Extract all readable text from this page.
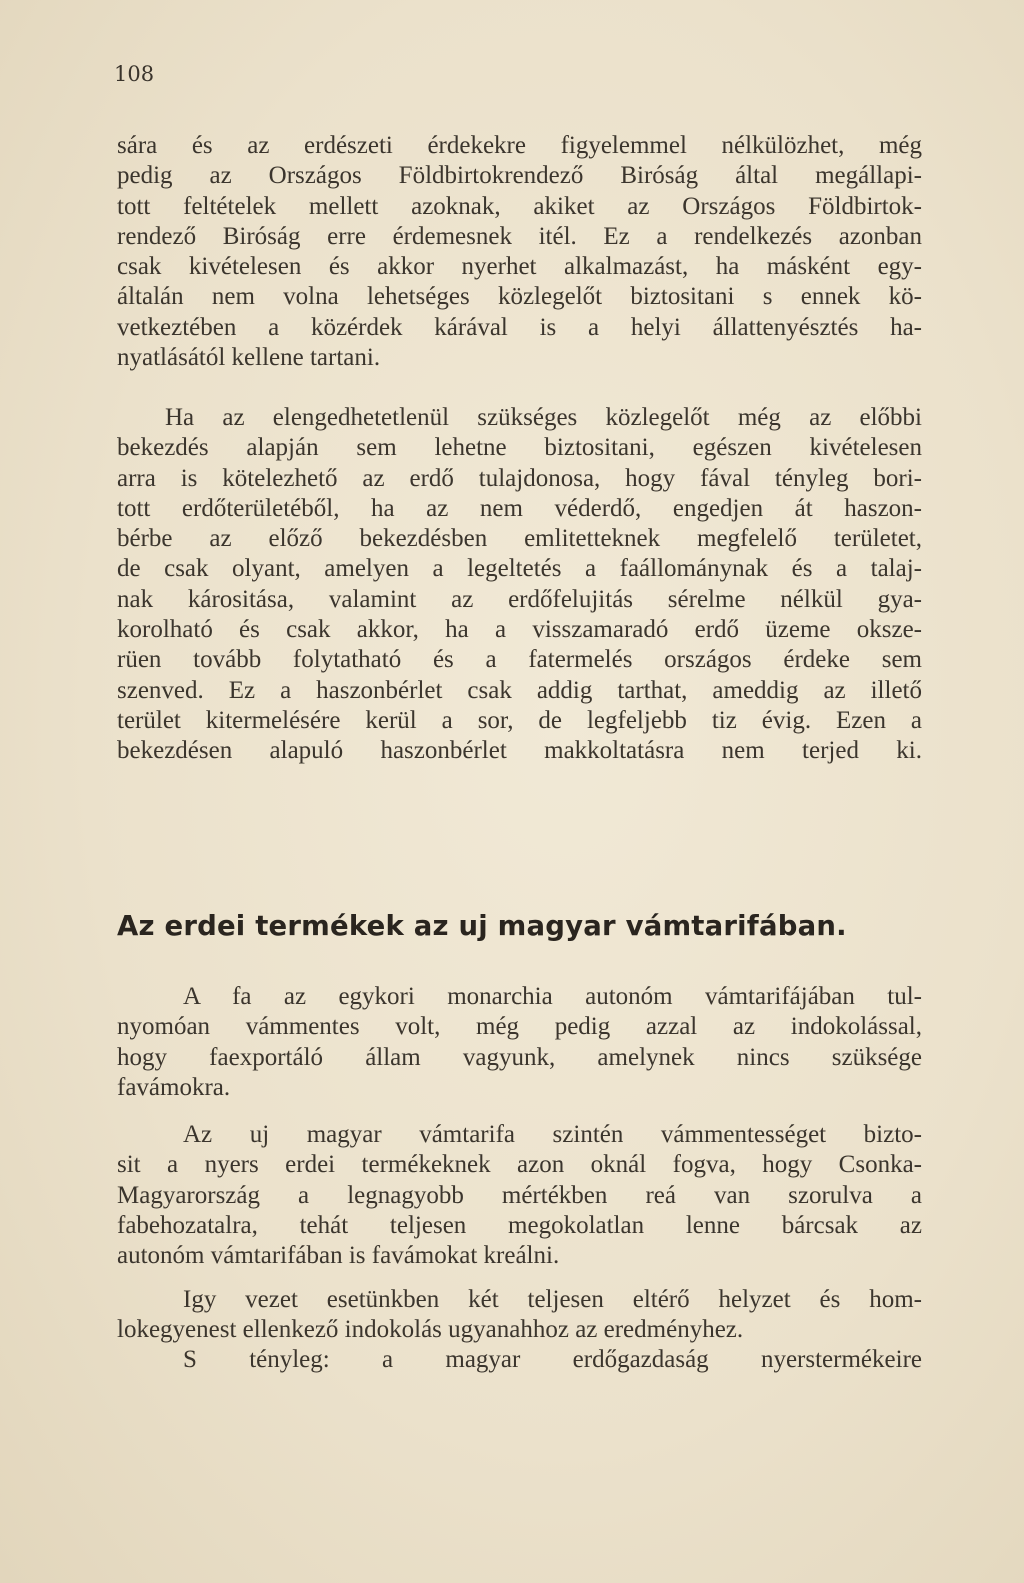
108

sára és az erdészeti érdekekre figyelemmel nélkülözhet, még
pedig az Országos Földbirtokrendező Biróság által megállapi-
tott feltételek mellett azoknak, akiket az Országos Földbirtok-
rendező Biróság erre érdemesnek itél. Ez a rendelkezés azonban
csak kivételesen és akkor nyerhet alkalmazást, ha másként egy-
általán nem volna lehetséges közlegelőt biztositani s ennek kö-
vetkeztében a közérdek kárával is a helyi állattenyésztés ha-
nyatlásától kellene tartani.

Ha az elengedhetetlenül szükséges közlegelőt még az előbbi
bekezdés alapján sem lehetne biztositani, egészen kivételesen
arra is kötelezhető az erdő tulajdonosa, hogy fával tényleg bori-
tott erdőterületéből, ha az nem véderdő, engedjen át haszon-
bérbe az előző bekezdésben emlitetteknek megfelelő területet,
de csak olyant, amelyen a legeltetés a faállománynak és a talaj-
nak kárositása, valamint az erdőfelujitás sérelme nélkül gya-
korolható és csak akkor, ha a visszamaradó erdő üzeme oksze-
rüen tovább folytatható és a fatermelés országos érdeke sem
szenved. Ez a haszonbérlet csak addig tarthat, ameddig az illető
terület kitermelésére kerül a sor, de legfeljebb tiz évig. Ezen a
bekezdésen alapuló haszonbérlet makkoltatásra nem terjed ki.

Az erdei termékek az uj magyar vámtarifában.

A fa az egykori monarchia autonóm vámtarifájában tul-
nyomóan vámmentes volt, még pedig azzal az indokolással,
hogy faexportáló állam vagyunk, amelynek nincs szüksége
favámokra.

Az uj magyar vámtarifa szintén vámmentességet bizto-
sit a nyers erdei termékeknek azon oknál fogva, hogy Csonka-
Magyarország a legnagyobb mértékben reá van szorulva a
fabehozatalra, tehát teljesen megokolatlan lenne bárcsak az
autonóm vámtarifában is favámokat kreálni.

Igy vezet esetünkben két teljesen eltérő helyzet és hom-
lokegyenest ellenkező indokolás ugyanahhoz az eredményhez.

S tényleg: a magyar erdőgazdaság nyerstermékeire
